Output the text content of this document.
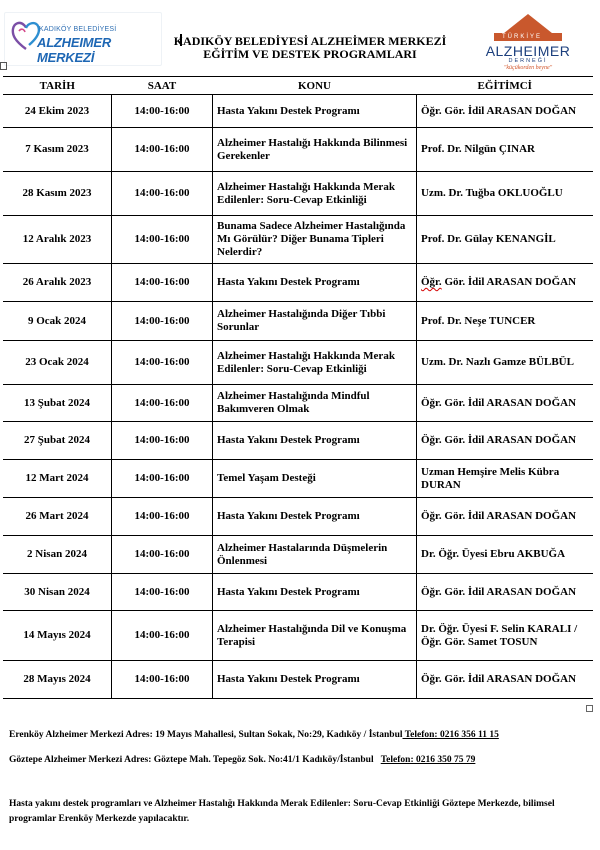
KADIKÖY BELEDİYESİ
ALZHEIMER MERKEZİ
KADIKÖY BELEDİYESİ ALZHEİMER MERKEZİ
EĞİTİM VE DESTEK PROGRAMLARI
TÜRKİYE
ALZHEIMER
DERNEĞİ
"küçükorden beyne"
TARİH	SAAT	KONU	EĞİTİMCİ
24 Ekim 2023	14:00-16:00	Hasta Yakını Destek Programı	Öğr. Gör. İdil ARASAN DOĞAN
7 Kasım 2023	14:00-16:00	Alzheimer Hastalığı Hakkında Bilinmesi Gerekenler	Prof. Dr. Nilgün ÇINAR
28 Kasım 2023	14:00-16:00	Alzheimer Hastalığı Hakkında Merak Edilenler: Soru-Cevap Etkinliği	Uzm. Dr. Tuğba OKLUOĞLU
12 Aralık 2023	14:00-16:00	Bunama Sadece Alzheimer Hastalığında Mı Görülür? Diğer Bunama Tipleri Nelerdir?	Prof. Dr. Gülay KENANGİL
26 Aralık 2023	14:00-16:00	Hasta Yakını Destek Programı	Öğr. Gör. İdil ARASAN DOĞAN
9 Ocak 2024	14:00-16:00	Alzheimer Hastalığında Diğer Tıbbi Sorunlar	Prof. Dr. Neşe TUNCER
23 Ocak 2024	14:00-16:00	Alzheimer Hastalığı Hakkında Merak Edilenler: Soru-Cevap Etkinliği	Uzm. Dr. Nazlı Gamze BÜLBÜL
13 Şubat 2024	14:00-16:00	Alzheimer Hastalığında Mindful Bakımveren Olmak	Öğr. Gör. İdil ARASAN DOĞAN
27 Şubat 2024	14:00-16:00	Hasta Yakını Destek Programı	Öğr. Gör. İdil ARASAN DOĞAN
12 Mart 2024	14:00-16:00	Temel Yaşam Desteği	Uzman Hemşire Melis Kübra DURAN
26 Mart 2024	14:00-16:00	Hasta Yakını Destek Programı	Öğr. Gör. İdil ARASAN DOĞAN
2 Nisan 2024	14:00-16:00	Alzheimer Hastalarında Düşmelerin Önlenmesi	Dr. Öğr. Üyesi Ebru AKBUĞA
30 Nisan 2024	14:00-16:00	Hasta Yakını Destek Programı	Öğr. Gör. İdil ARASAN DOĞAN
14 Mayıs 2024	14:00-16:00	Alzheimer Hastalığında Dil ve Konuşma Terapisi	Dr. Öğr. Üyesi F. Selin KARALI / Öğr. Gör. Samet TOSUN
28 Mayıs 2024	14:00-16:00	Hasta Yakını Destek Programı	Öğr. Gör. İdil ARASAN DOĞAN
Erenköy Alzheimer Merkezi Adres: 19 Mayıs Mahallesi, Sultan Sokak, No:29, Kadıköy / İstanbul Telefon: 0216 356 11 15
Göztepe Alzheimer Merkezi Adres: Göztepe Mah. Tepegöz Sok. No:41/1 Kadıköy/İstanbul Telefon: 0216 350 75 79
Hasta yakını destek programları ve Alzheimer Hastalığı Hakkında Merak Edilenler: Soru-Cevap Etkinliği Göztepe Merkezde, bilimsel programlar Erenköy Merkezde yapılacaktır.
